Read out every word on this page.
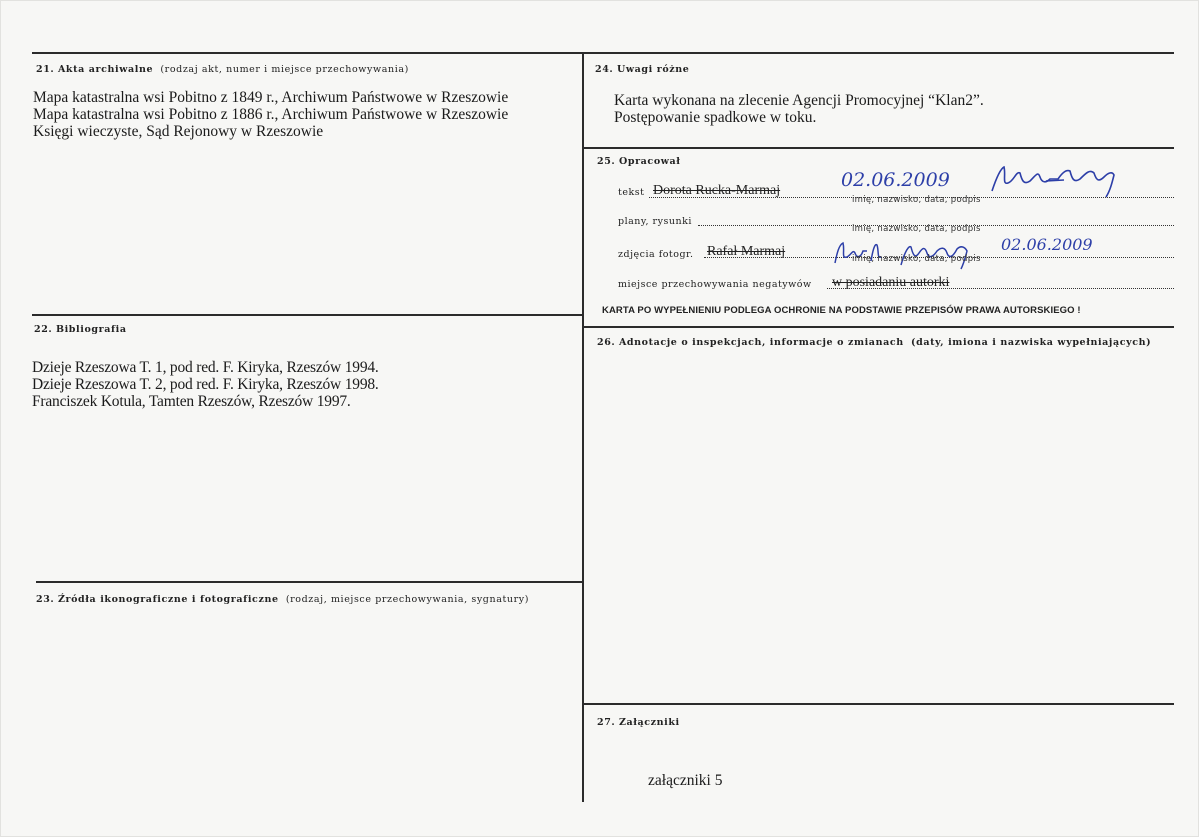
21. Akta archiwalne (rodzaj akt, numer i miejsce przechowywania)
Mapa katastralna wsi Pobitno z 1849 r., Archiwum Państwowe w Rzeszowie
Mapa katastralna wsi Pobitno z 1886 r., Archiwum Państwowe w Rzeszowie
Księgi wieczyste, Sąd Rejonowy w Rzeszowie
22. Bibliografia
Dzieje Rzeszowa T. 1, pod red. F. Kiryka, Rzeszów 1994.
Dzieje Rzeszowa T. 2, pod red. F. Kiryka, Rzeszów 1998.
Franciszek Kotula, Tamten Rzeszów, Rzeszów 1997.
23. Źródła ikonograficzne i fotograficzne (rodzaj, miejsce przechowywania, sygnatury)
24. Uwagi różne
Karta wykonana na zlecenie Agencji Promocyjnej “Klan2”.
Postępowanie spadkowe w toku.
25. Opracował
tekst Dorota Rucka-Marmaj	02.06.2009
imię, nazwisko, data, podpis
plany, rysunki
imię, nazwisko, data, podpis
zdjęcia fotogr. Rafał Marmaj	02.06.2009
imię, nazwisko, data, podpis
miejsce przechowywania negatywów w posiadaniu autorki
KARTA PO WYPEŁNIENIU PODLEGA OCHRONIE NA PODSTAWIE PRZEPISÓW PRAWA AUTORSKIEGO !
26. Adnotacje o inspekcjach, informacje o zmianach (daty, imiona i nazwiska wypełniających)
27. Załączniki
załączniki 5
